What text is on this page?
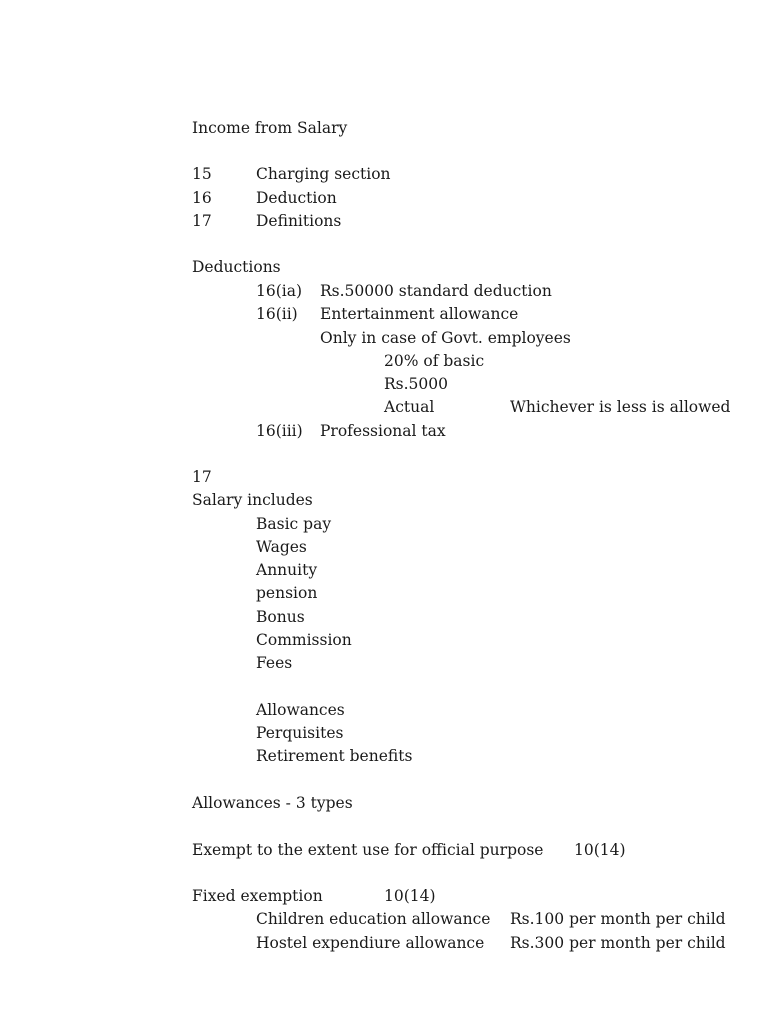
Income from Salary
15	Charging section
16	Deduction
17	Definitions
Deductions
16(ia) Rs.50000 standard deduction
16(ii) Entertainment allowance
Only in case of Govt. employees
20% of basic
Rs.5000
Actual	Whichever is less is allowed
16(iii) Professional tax
17
Salary includes
Basic pay
Wages
Annuity
pension
Bonus
Commission
Fees
Allowances
Perquisites
Retirement benefits
Allowances - 3 types
Exempt to the extent use for official purpose 10(14)
Fixed exemption	10(14)
Children education allowance Rs.100 per month per child
Hostel expendiure allowance Rs.300 per month per child
